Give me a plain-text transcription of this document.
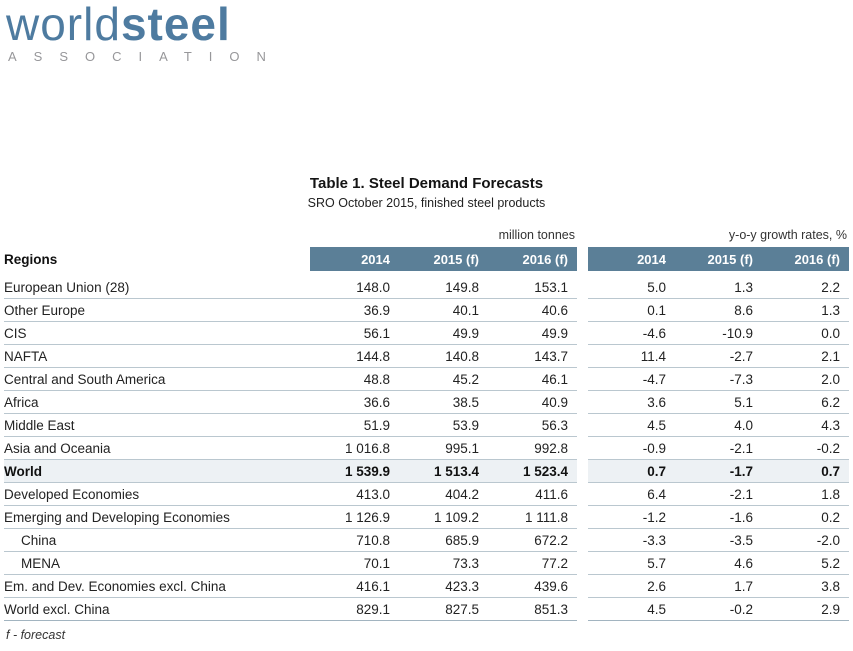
worldsteel
ASSOCIATION
Table 1. Steel Demand Forecasts
SRO October 2015, finished steel products
million tonnes	y-o-y growth rates, %
Regions	2014	2015 (f)	2016 (f)	2014	2015 (f)	2016 (f)
European Union (28)	148.0	149.8	153.1	5.0	1.3	2.2
Other Europe	36.9	40.1	40.6	0.1	8.6	1.3
CIS	56.1	49.9	49.9	-4.6	-10.9	0.0
NAFTA	144.8	140.8	143.7	11.4	-2.7	2.1
Central and South America	48.8	45.2	46.1	-4.7	-7.3	2.0
Africa	36.6	38.5	40.9	3.6	5.1	6.2
Middle East	51.9	53.9	56.3	4.5	4.0	4.3
Asia and Oceania	1 016.8	995.1	992.8	-0.9	-2.1	-0.2
World	1 539.9	1 513.4	1 523.4	0.7	-1.7	0.7
Developed Economies	413.0	404.2	411.6	6.4	-2.1	1.8
Emerging and Developing Economies	1 126.9	1 109.2	1 111.8	-1.2	-1.6	0.2
China	710.8	685.9	672.2	-3.3	-3.5	-2.0
MENA	70.1	73.3	77.2	5.7	4.6	5.2
Em. and Dev. Economies excl. China	416.1	423.3	439.6	2.6	1.7	3.8
World excl. China	829.1	827.5	851.3	4.5	-0.2	2.9
f - forecast
